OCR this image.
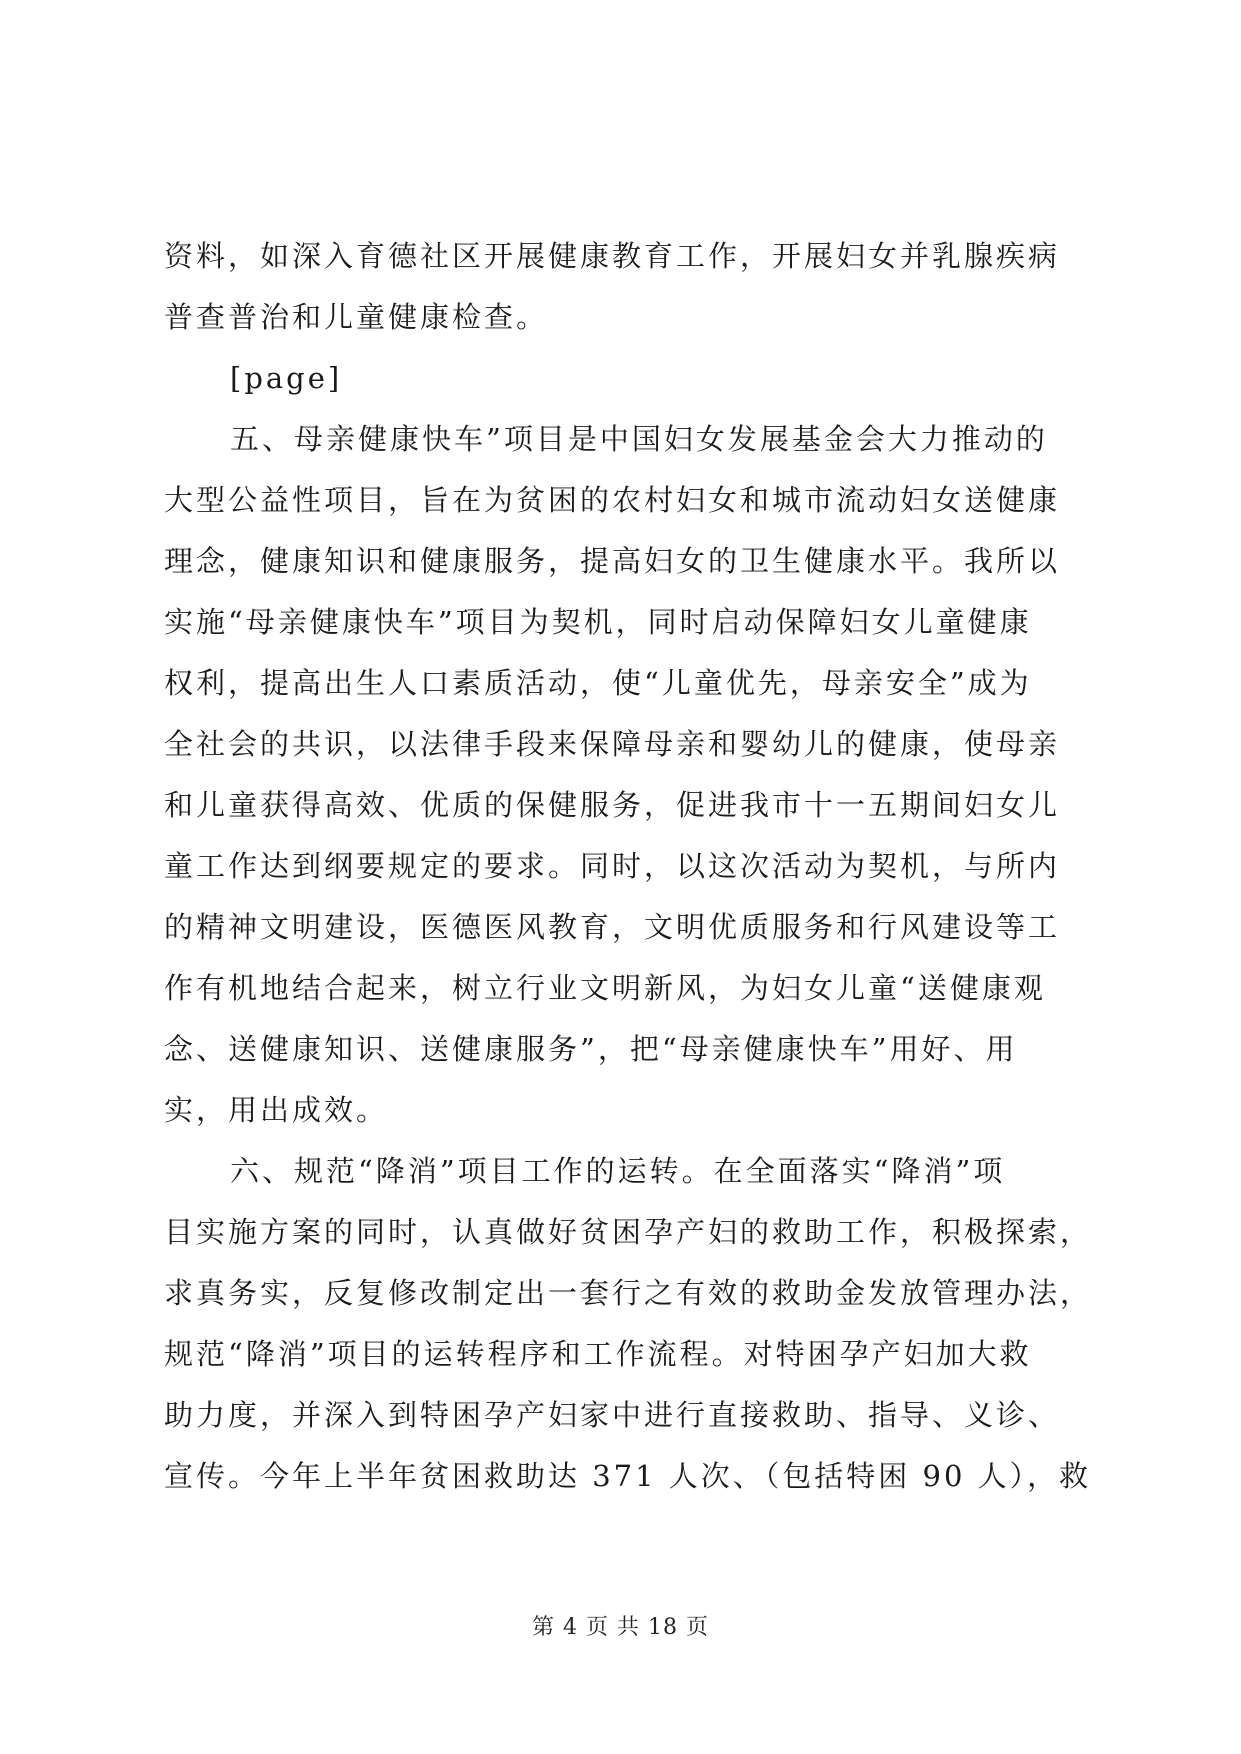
资料，如深入育德社区开展健康教育工作，开展妇女并乳腺疾病
普查普治和儿童健康检查。
[page]
五、母亲健康快车”项目是中国妇女发展基金会大力推动的
大型公益性项目，旨在为贫困的农村妇女和城市流动妇女送健康
理念，健康知识和健康服务，提高妇女的卫生健康水平。我所以
实施“母亲健康快车”项目为契机，同时启动保障妇女儿童健康
权利，提高出生人口素质活动，使“儿童优先，母亲安全”成为
全社会的共识，以法律手段来保障母亲和婴幼儿的健康，使母亲
和儿童获得高效、优质的保健服务，促进我市十一五期间妇女儿
童工作达到纲要规定的要求。同时，以这次活动为契机，与所内
的精神文明建设，医德医风教育，文明优质服务和行风建设等工
作有机地结合起来，树立行业文明新风，为妇女儿童“送健康观
念、送健康知识、送健康服务”，把“母亲健康快车”用好、用
实，用出成效。
六、规范“降消”项目工作的运转。在全面落实“降消”项
目实施方案的同时，认真做好贫困孕产妇的救助工作，积极探索，
求真务实，反复修改制定出一套行之有效的救助金发放管理办法，
规范“降消”项目的运转程序和工作流程。对特困孕产妇加大救
助力度，并深入到特困孕产妇家中进行直接救助、指导、义诊、
宣传。今年上半年贫困救助达 371 人次、（包括特困 90 人），救
第 4 页 共 18 页
